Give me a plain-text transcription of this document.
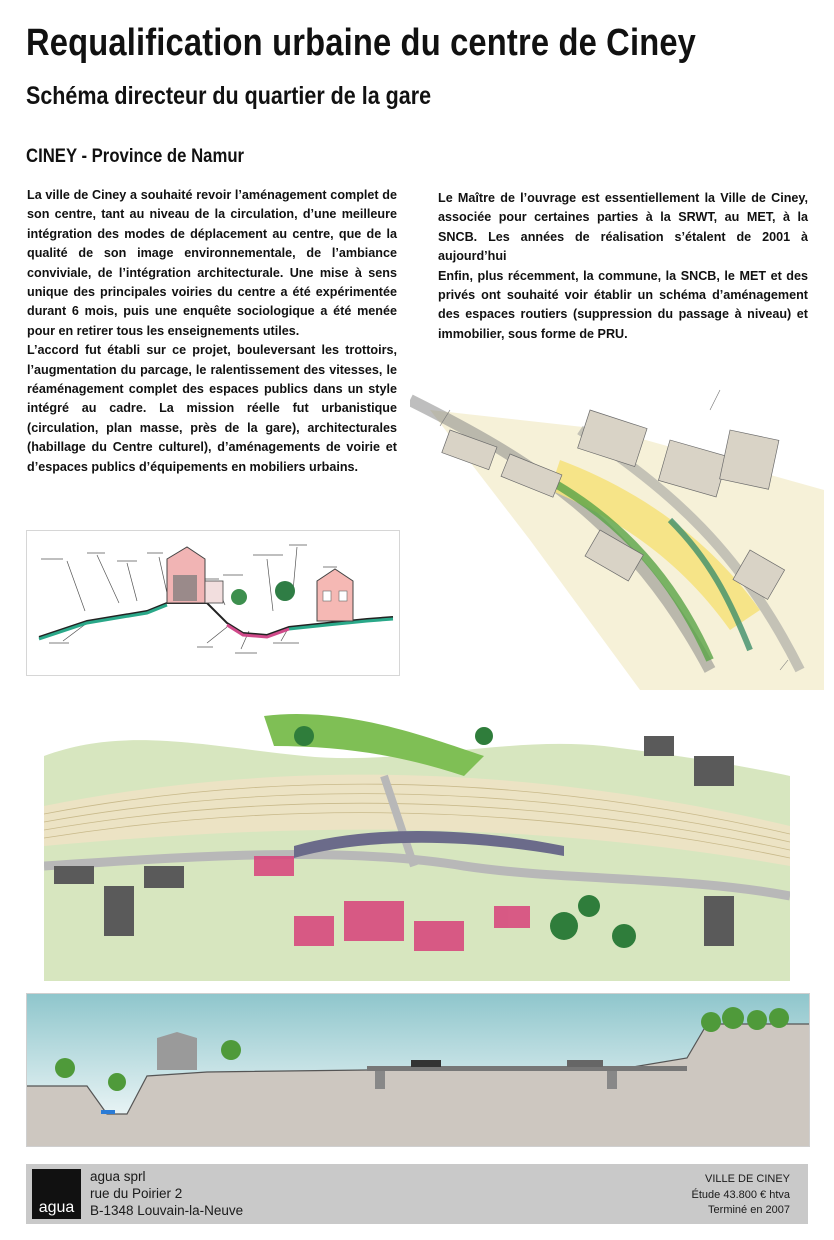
Requalification urbaine du centre de Ciney
Schéma directeur du quartier de la gare
CINEY - Province de Namur

La ville de Ciney a souhaité revoir l’aménagement complet de son centre, tant au niveau de la circulation, d’une meilleure intégration des modes de déplacement au centre, que de la qualité de son image environnementale, de l’ambiance conviviale, de l’intégration architecturale. Une mise à sens unique des principales voiries du centre a été expérimentée durant 6 mois, puis une enquête sociologique a été menée pour en retirer tous les enseignements utiles.

L’accord fut établi sur ce projet, bouleversant les trottoirs, l’augmentation du parcage, le ralentissement des vitesses, le réaménagement complet des espaces publics dans un style intégré au cadre. La mission réelle fut urbanistique (circulation, plan masse, près de la gare), architecturales (habillage du Centre culturel), d’aménagements de voirie et d’espaces publics d’équipements en mobiliers urbains.

Le Maître de l’ouvrage est essentiellement la Ville de Ciney, associée pour certaines parties à la SRWT, au MET, à la SNCB. Les années de réalisation s’étalent de 2001 à aujourd’hui

Enfin, plus récemment, la commune, la SNCB, le MET et des privés ont souhaité voir établir un schéma d’aménagement des espaces routiers (suppression du passage à niveau) et immobilier, sous forme de PRU.

agua
agua sprl
rue du Poirier 2
B-1348 Louvain-la-Neuve
VILLE DE CINEY
Étude 43.800 € htva
Terminé en 2007
